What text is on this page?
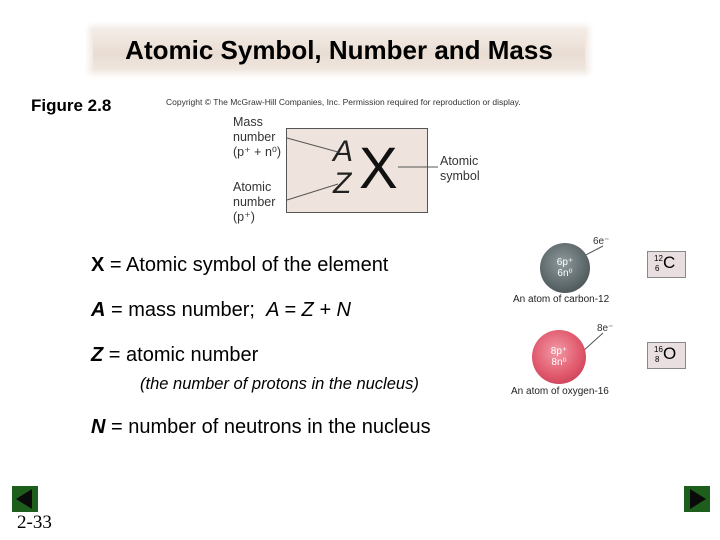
Atomic Symbol, Number and Mass
Figure 2.8	Copyright © The McGraw-Hill Companies, Inc. Permission required for reproduction or display.
Mass
number
(p⁺ + n⁰)
Atomic
number
(p⁺)
Atomic
symbol
A
Z X
X = Atomic symbol of the element
A = mass number;  A = Z + N
Z = atomic number
(the number of protons in the nucleus)
N = number of neutrons in the nucleus
6e⁻
6p⁺
6n⁰
An atom of carbon-12
12
6 C
8e⁻
8p⁺
8n⁰
An atom of oxygen-16
16
8 O
2-33
